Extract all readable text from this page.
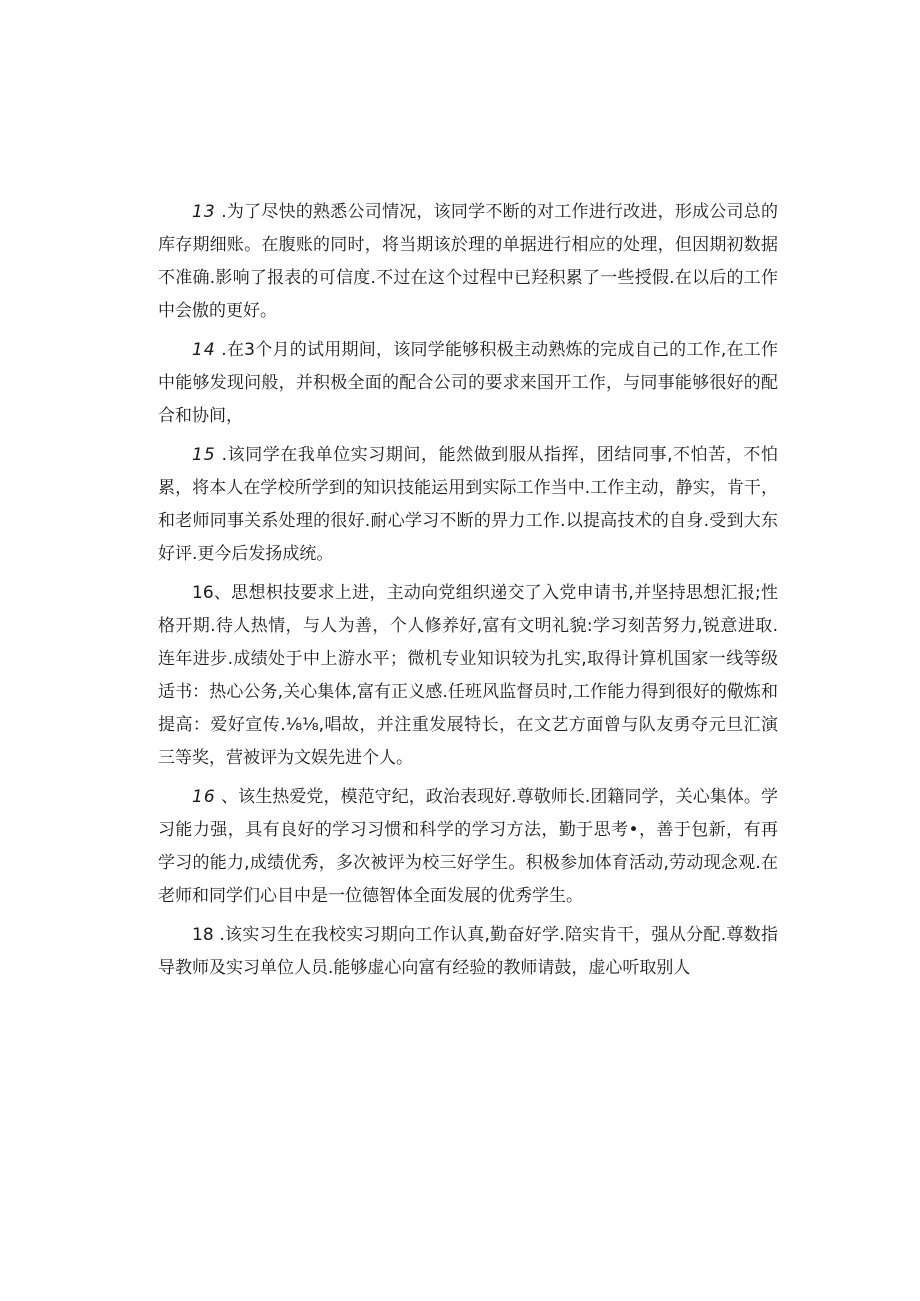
13 .为了尽快的熟悉公司情况，该同学不断的对工作进行改进，形成公司总的库存期细账。在腹账的同时，将当期该於理的单据进行相应的处理，但因期初数据不准确.影响了报表的可信度.不过在这个过程中已羟积累了一些授假.在以后的工作中会傲的更好。

14 .在3个月的试用期间，该同学能够积极主动熟炼的完成自己的工作,在工作中能够发现问般，并积极全面的配合公司的要求来国开工作，与同事能够很好的配合和协间，

15 .该同学在我单位实习期间，能然做到服从指挥，团结同事,不怕苦，不怕累，将本人在学校所学到的知识技能运用到实际工作当中.工作主动，静实，肯干，和老师同事关系处理的很好.耐心学习不断的畀力工作.以提高技术的自身.受到大东好评.更今后发扬成统。

16、思想枳技要求上进，主动向党组织递交了入党申请书,并坚持思想汇报;性格开期.待人热情，与人为善，个人修养好,富有文明礼貌:学习刻苦努力,锐意进取.连年进步.成绩处于中上游水平；微机专业知识较为扎实,取得计算机国家一线等级适书：热心公务,关心集体,富有正义感.任班风监督员时,工作能力得到很好的儆炼和提高：爱好宣传.⅛⅛,唱故，并注重发展特长，在文艺方面曾与队友勇夺元旦汇演三等奖，营被评为文娱先进个人。

16 、该生热爱党，模范守纪，政治表现好.尊敬师长.团籍同学，关心集体。学习能力强，具有良好的学习习惯和科学的学习方法，勤于思考•，善于包新，有再学习的能力,成绩优秀，多次被评为校三好学生。积极参加体育活动,劳动现念观.在老师和同学们心目中是一位德智体全面发展的优秀学生。

18 .该实习生在我校实习期向工作认真,勤奋好学.陪实肯干，强从分配.尊数指导教师及实习单位人员.能够虚心向富有经验的教师请鼓，虚心听取别人
